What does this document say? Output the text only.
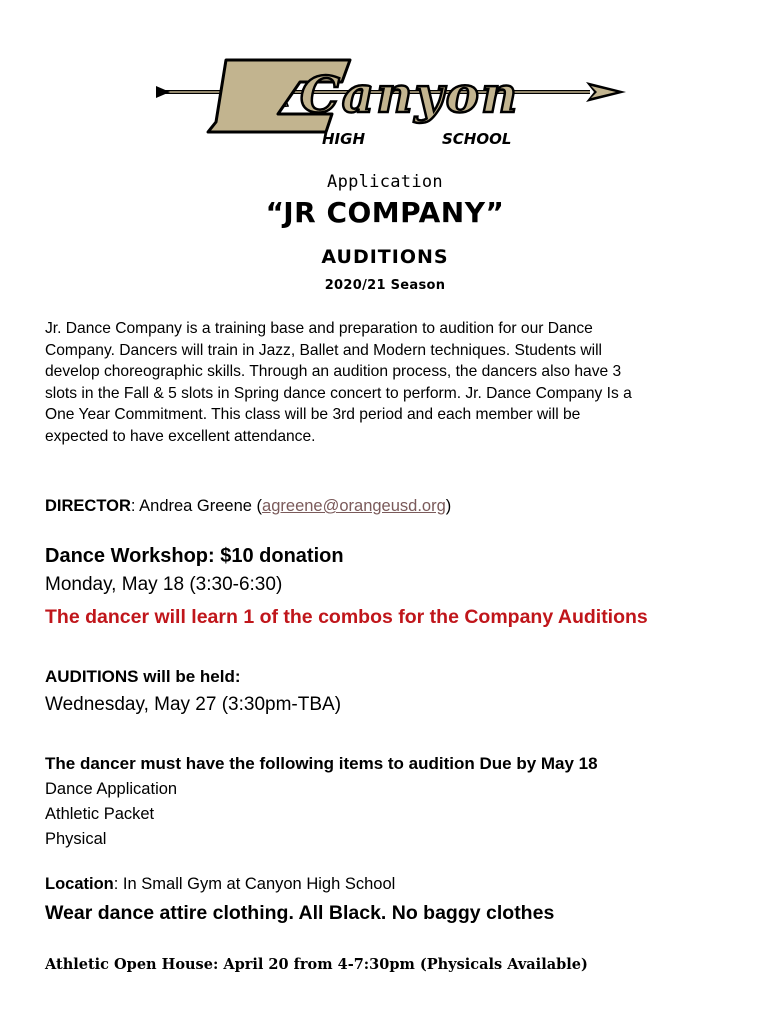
Canyon
HIGH	SCHOOL
Application
“JR COMPANY”
AUDITIONS
2020/21 Season

Jr. Dance Company is a training base and preparation to audition for our Dance

Company. Dancers will train in Jazz, Ballet and Modern techniques. Students will

develop choreographic skills. Through an audition process, the dancers also have 3

slots in the Fall & 5 slots in Spring dance concert to perform. Jr. Dance Company Is a

One Year Commitment. This class will be 3rd period and each member will be

expected to have excellent attendance.

DIRECTOR: Andrea Greene (agreene@orangeusd.org)
Dance Workshop: $10 donation
Monday, May 18 (3:30-6:30)
The dancer will learn 1 of the combos for the Company Auditions
AUDITIONS will be held:
Wednesday, May 27 (3:30pm-TBA)
The dancer must have the following items to audition Due by May 18
Dance Application
Athletic Packet
Physical
Location: In Small Gym at Canyon High School
Wear dance attire clothing. All Black. No baggy clothes
Athletic Open House: April 20 from 4-7:30pm (Physicals Available)
